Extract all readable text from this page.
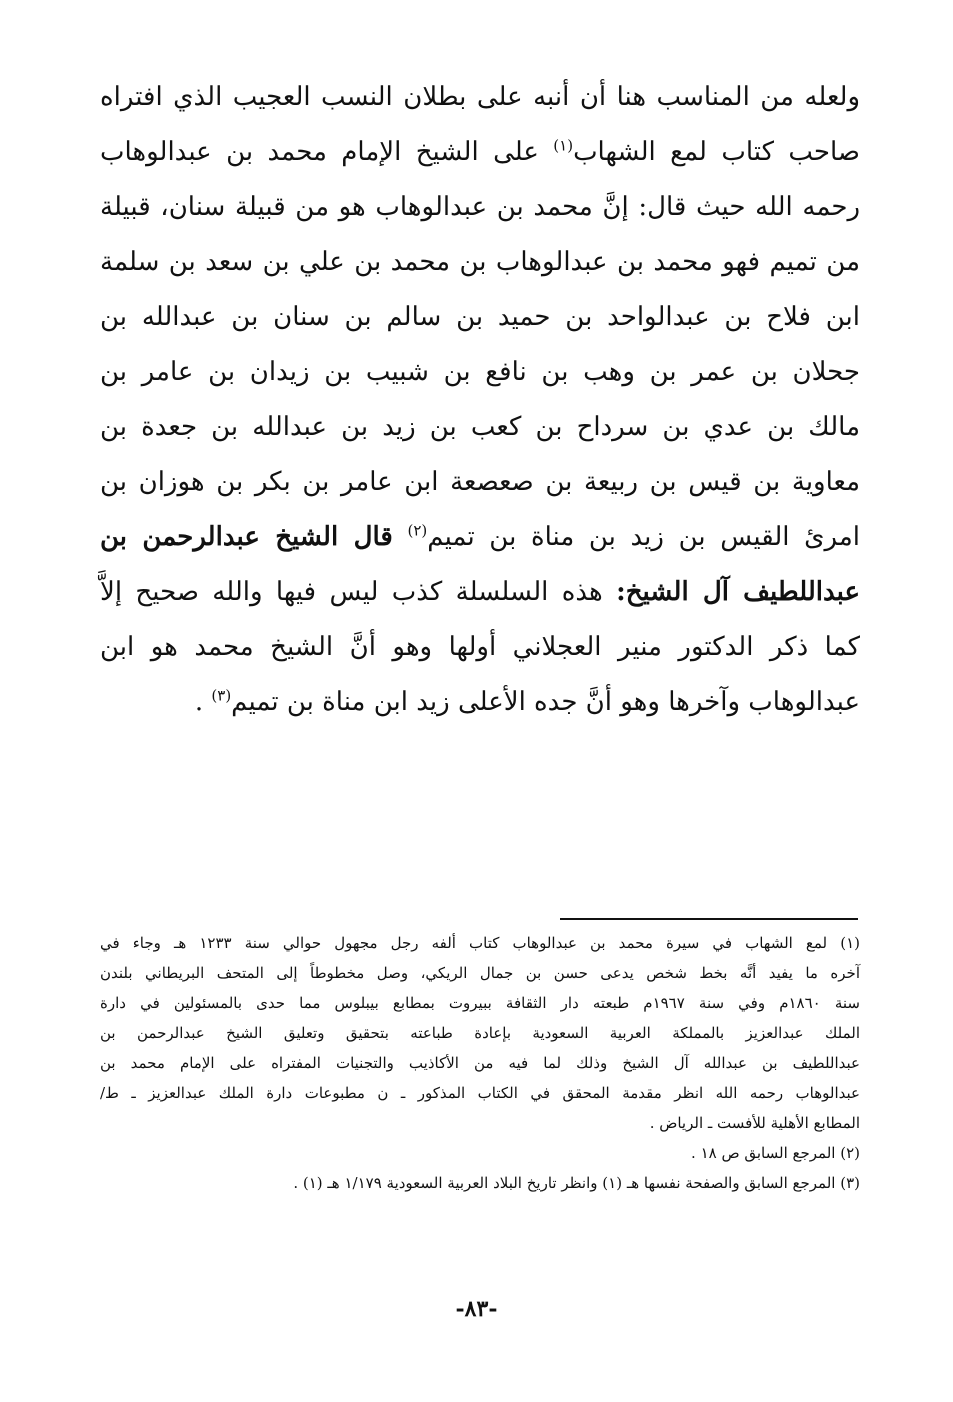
ولعله من المناسب هنا أن أنبه على بطلان النسب العجيب الذي افتراه
صاحب كتاب لمع الشهاب$^{(١)}$ على الشيخ الإمام محمد بن عبدالوهاب
رحمه الله حيث قال: إنَّ محمد بن عبدالوهاب هو من قبيلة سنان، قبيلة
من تميم فهو محمد بن عبدالوهاب بن محمد بن علي بن سعد بن سلمة
ابن فلاح بن عبدالواحد بن حميد بن سالم بن سنان بن عبدالله بن
جحلان بن عمر بن وهب بن نافع بن شبيب بن زيدان بن عامر بن
مالك بن عدي بن سرداح بن كعب بن زيد بن عبدالله بن جعدة بن
معاوية بن قيس بن ربيعة بن صعصعة ابن عامر بن بكر بن هوزان بن
امرئ القيس بن زيد بن مناة بن تميم$^{(٢)}$ قال الشيخ عبدالرحمن بن
عبداللطيف آل الشيخ: هذه السلسلة كذب ليس فيها والله صحيح إلاَّ
كما ذكر الدكتور منير العجلاني أولها وهو أنَّ الشيخ محمد هو ابن
عبدالوهاب وآخرها وهو أنَّ جده الأعلى زيد ابن مناة بن تميم$^{(٣)}$ .
(١) لمع الشهاب في سيرة محمد بن عبدالوهاب كتاب ألفه رجل مجهول حوالي سنة ١٢٣٣ هـ وجاء في
آخره ما يفيد أنَّه بخط شخص يدعى حسن بن جمال الريكي، وصل مخطوطاً إلى المتحف البريطاني بلندن
سنة ١٨٦٠م وفي سنة ١٩٦٧م طبعته دار الثقافة ببيروت بمطابع بيبلوس مما حدى بالمسئولين في دارة
الملك عبدالعزيز بالمملكة العربية السعودية بإعادة طباعته بتحقيق وتعليق الشيخ عبدالرحمن بن
عبداللطيف بن عبدالله آل الشيخ وذلك لما فيه من الأكاذيب والتجنيات المفتراه على الإمام محمد بن
عبدالوهاب رحمه الله انظر مقدمة المحقق في الكتاب المذكور ـ ن مطبوعات دارة الملك عبدالعزيز ـ ط/
المطابع الأهلية للأفست ـ الرياض .
(٢) المرجع السابق ص ١٨ .
(٣) المرجع السابق والصفحة نفسها هـ (١) وانظر تاريخ البلاد العربية السعودية ١/١٧٩ هـ (١) .
-٨٣-
